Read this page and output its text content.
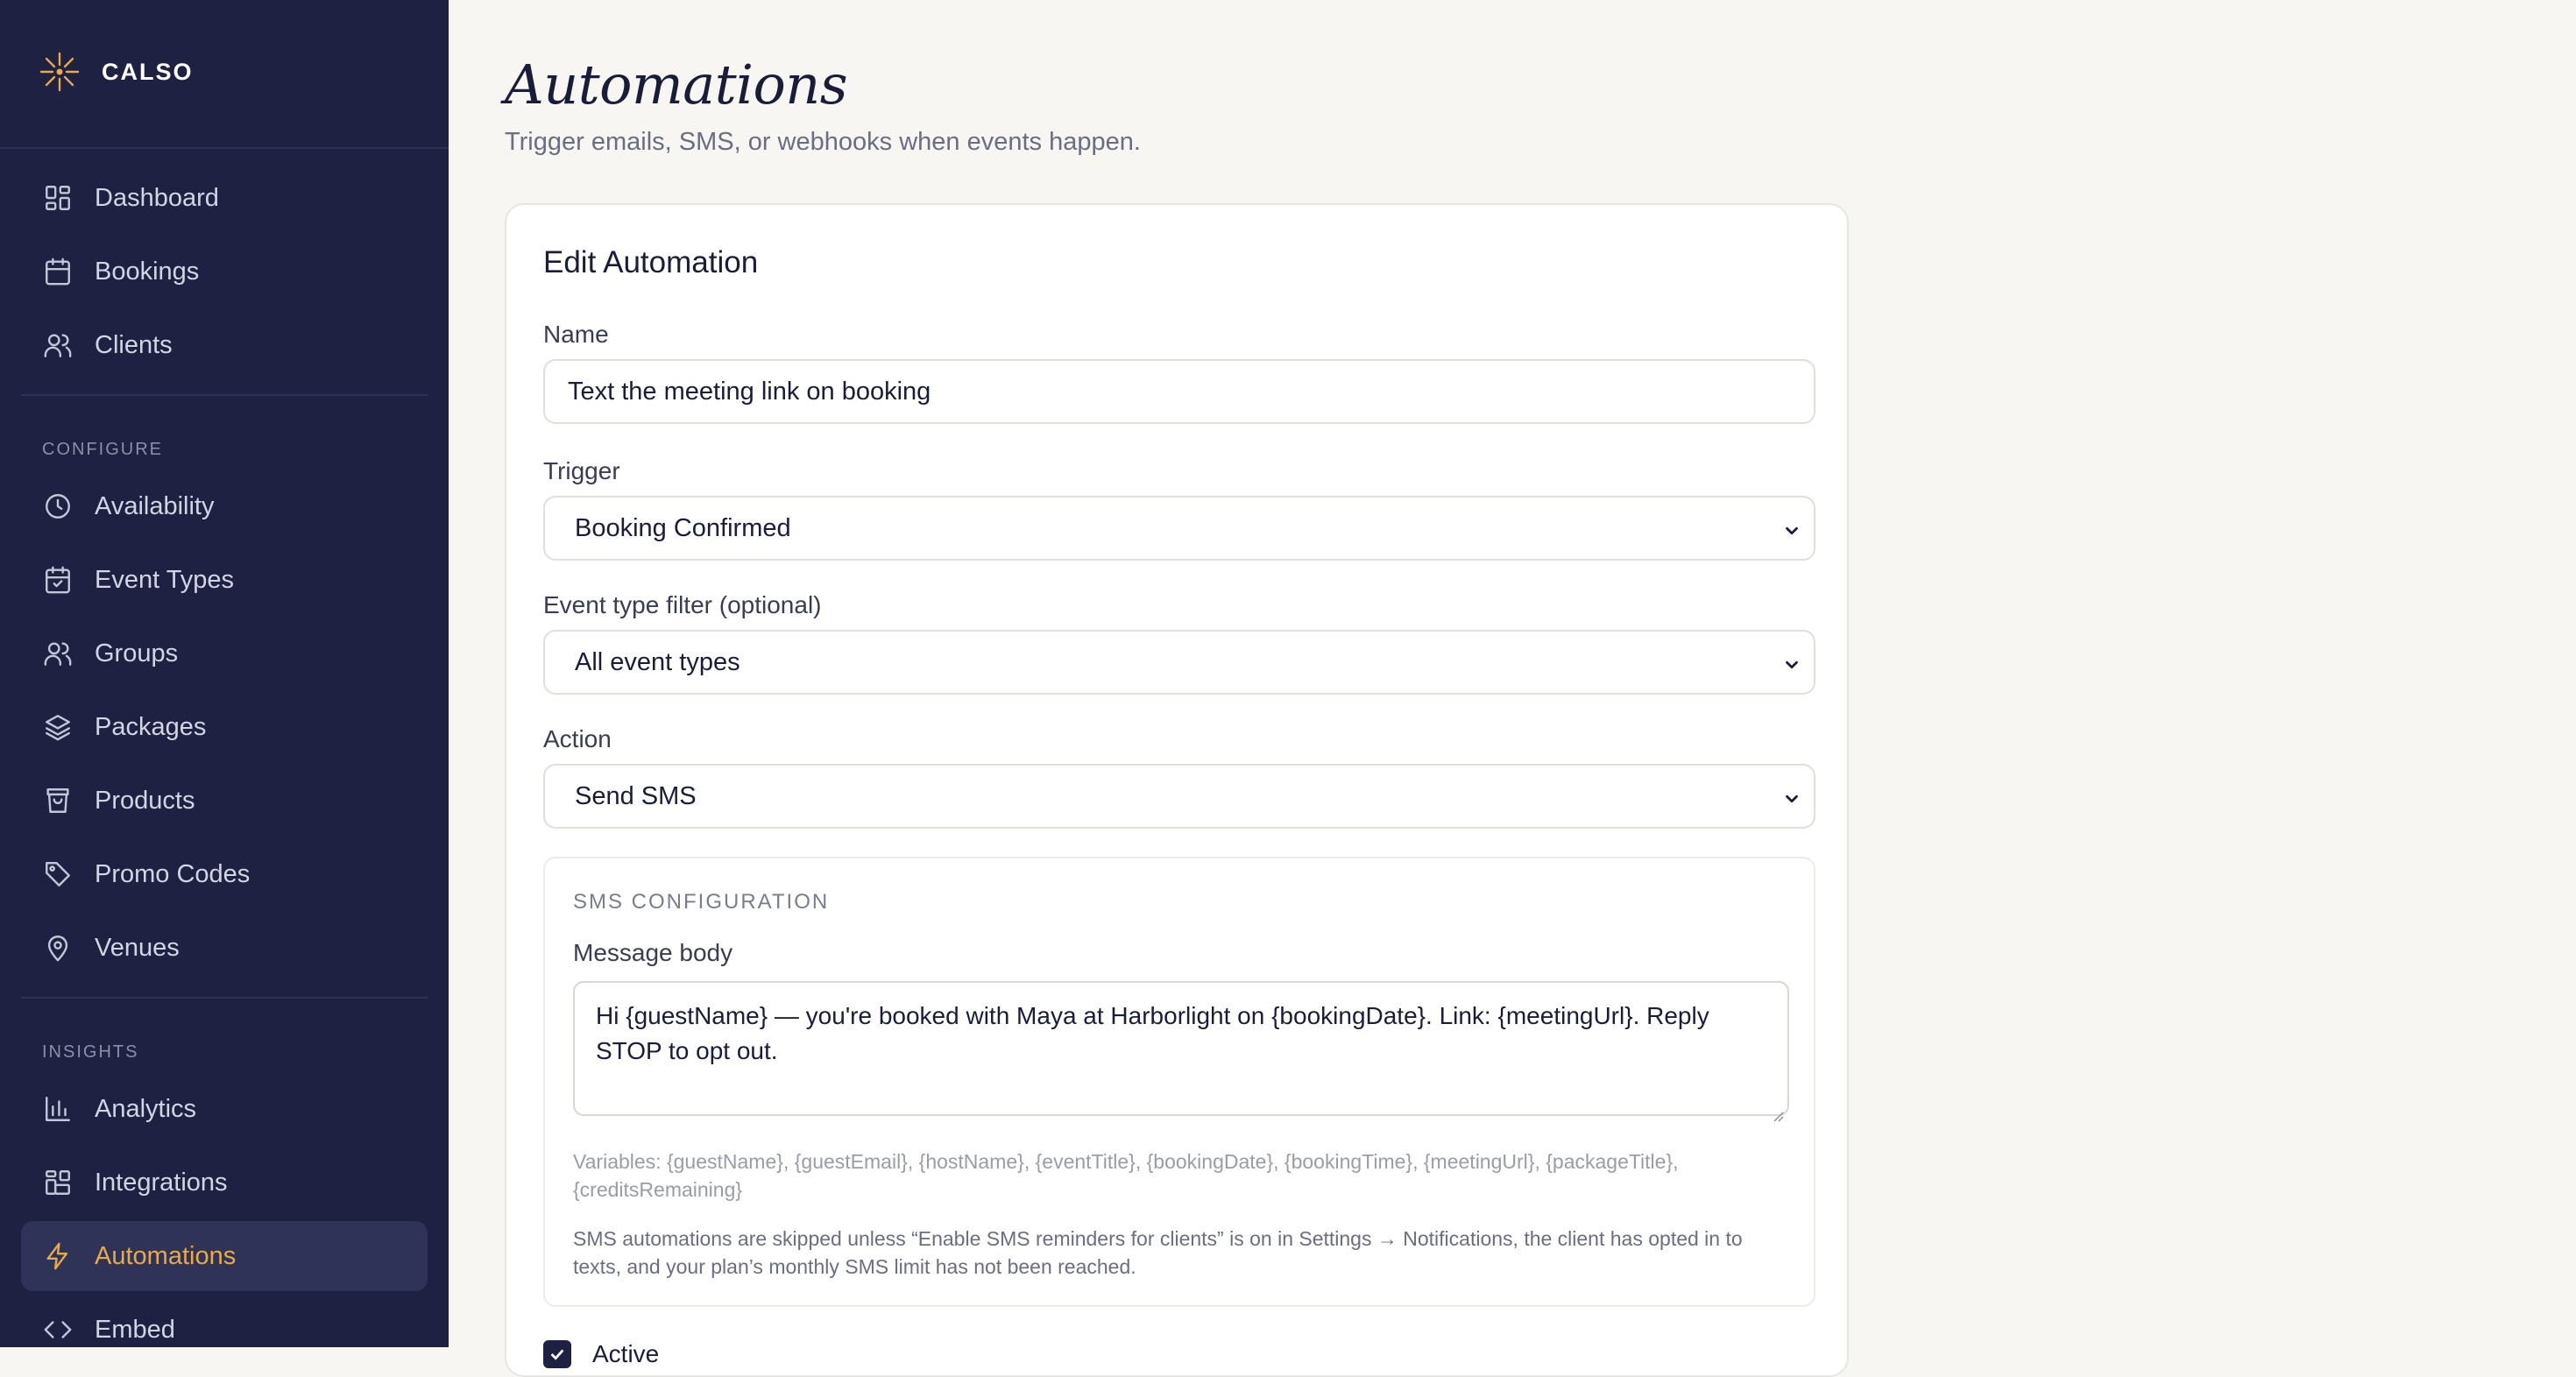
CALSO
Dashboard
Bookings
Clients
CONFIGURE
Availability
Event Types
Groups
Packages
Products
Promo Codes
Venues
INSIGHTS
Analytics
Integrations
Automations
Embed
Automations
Trigger emails, SMS, or webhooks when events happen.
Edit Automation
Name
Text the meeting link on booking
Trigger
Booking Confirmed
Event type filter (optional)
All event types
Action
Send SMS
SMS CONFIGURATION
Message body
Hi {guestName} — you're booked with Maya at Harborlight on {bookingDate}. Link: {meetingUrl}. Reply STOP to opt out.
Variables: {guestName}, {guestEmail}, {hostName}, {eventTitle}, {bookingDate}, {bookingTime}, {meetingUrl}, {packageTitle}, {creditsRemaining}
SMS automations are skipped unless “Enable SMS reminders for clients” is on in Settings → Notifications, the client has opted in to texts, and your plan’s monthly SMS limit has not been reached.
Active
